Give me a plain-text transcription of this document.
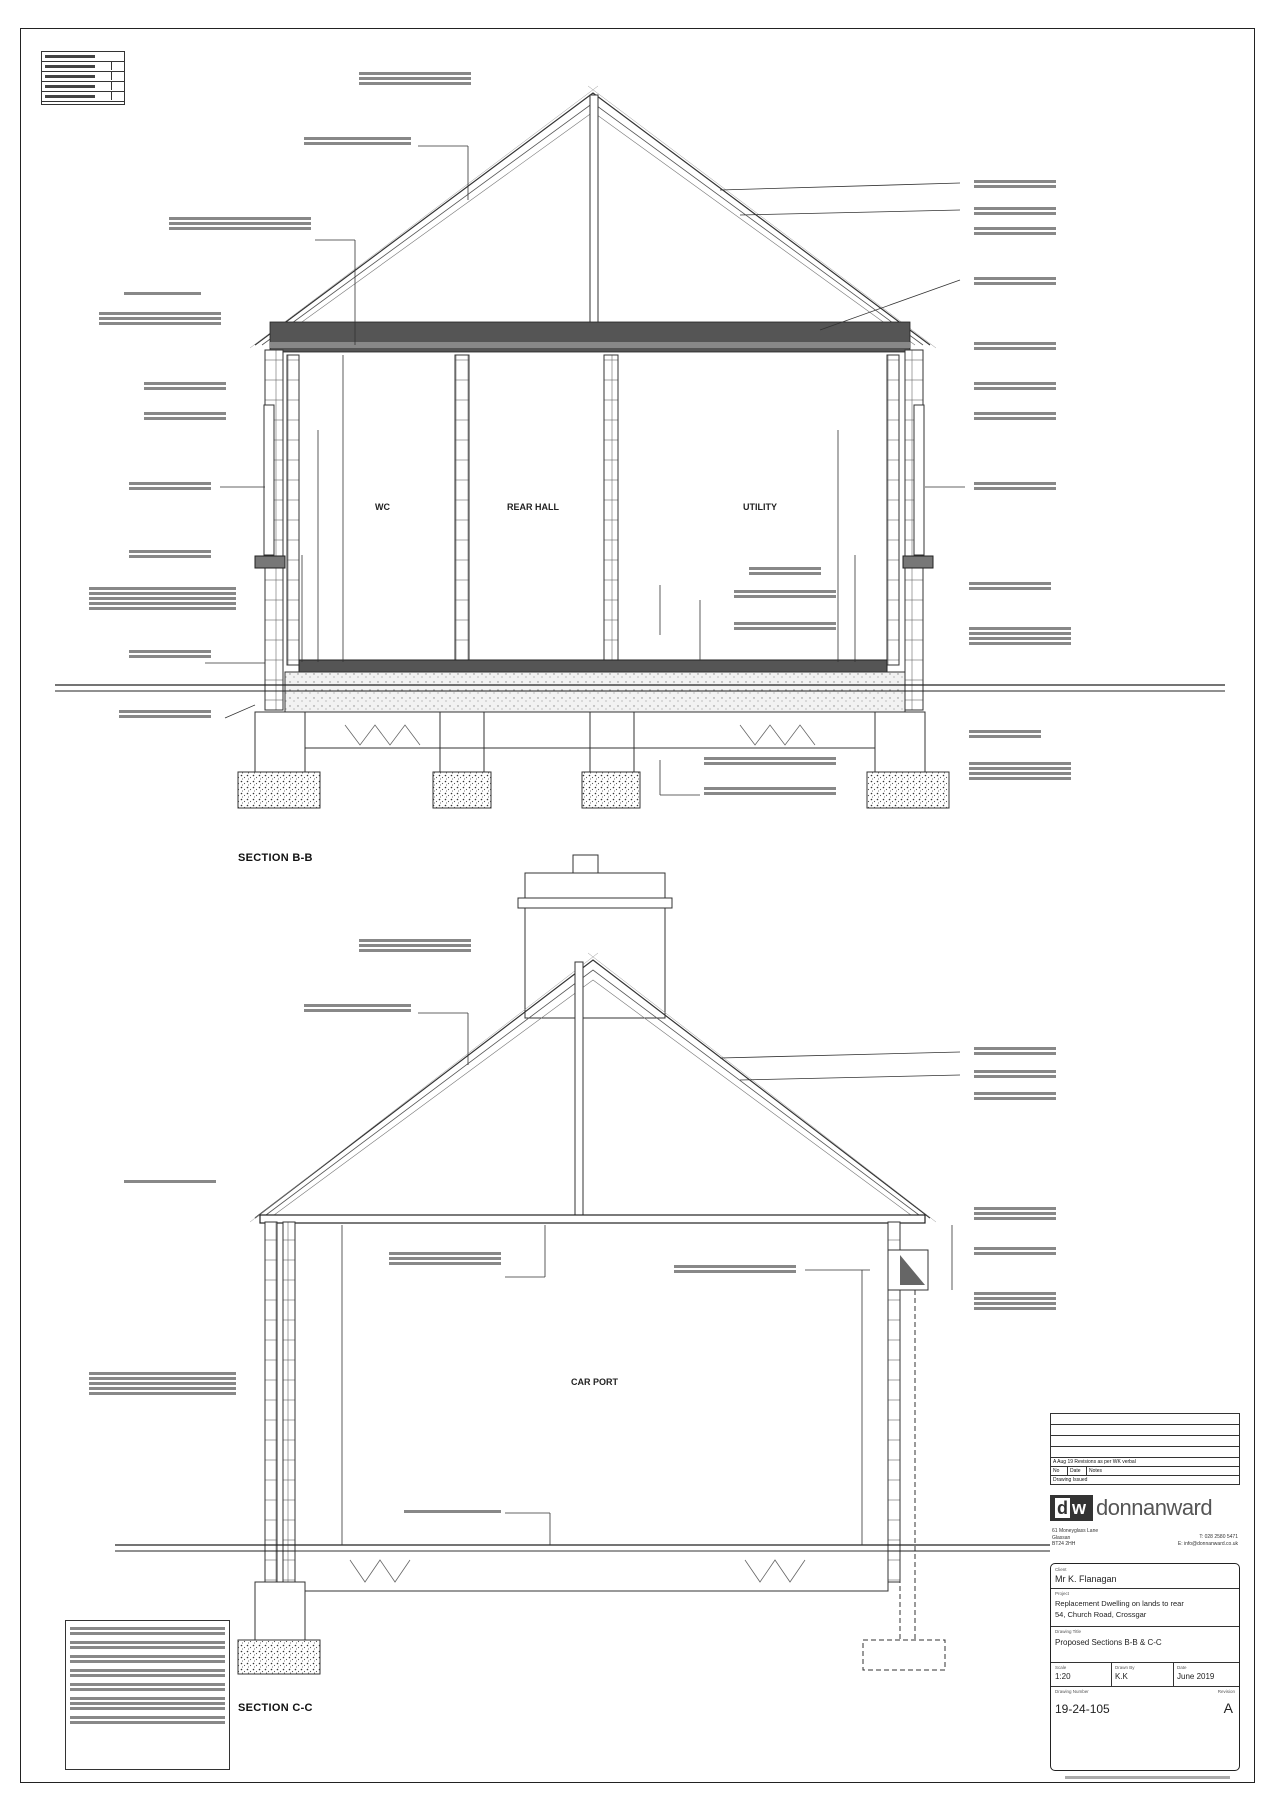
WC	REAR HALL	UTILITY
CAR PORT
SECTION B-B
SECTION C-C

A Aug 19 Revisions as per WK verbal
No	Date	Notes
Drawing Issued
d w donnanward
61 Moneyglass Lane
Glassan
BT24 2HH
T: 028 2580 5471
E: info@donnanward.co.uk
Client
Mr K. Flanagan
Project
Replacement Dwelling on lands to rear
54, Church Road, Crossgar
Drawing Title
Proposed Sections B-B & C-C
Scale
1:20
Drawn By
K.K
Date
June 2019
Drawing Number	Revision
19-24-105	A
